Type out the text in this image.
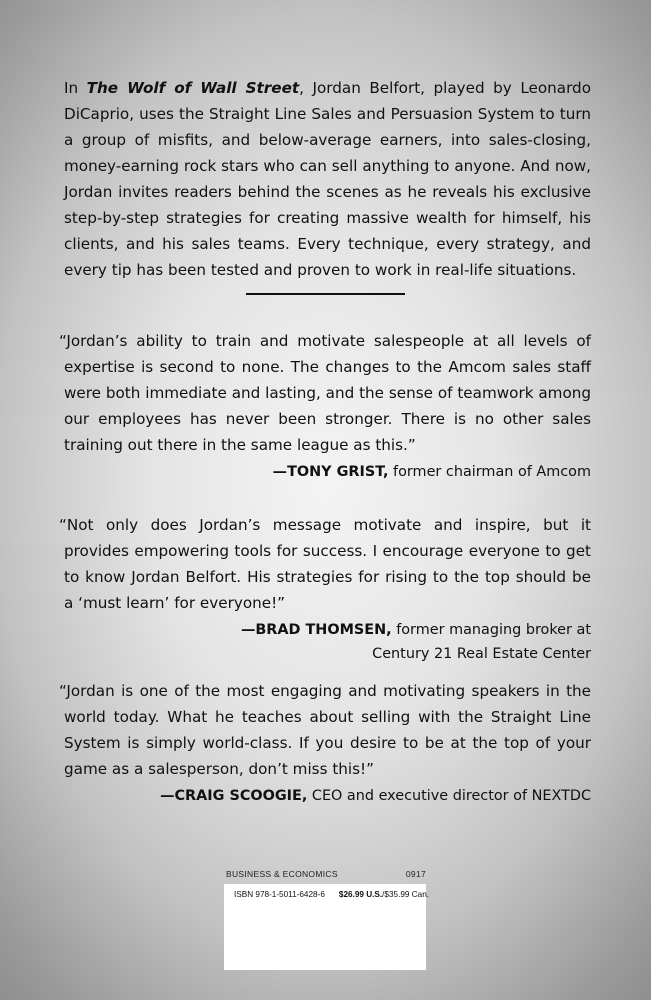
In The Wolf of Wall Street, Jordan Belfort, played by Leonardo DiCaprio, uses the Straight Line Sales and Persuasion System to turn a group of misfits, and below-average earners, into sales-closing, money-earning rock stars who can sell anything to anyone. And now, Jordan invites readers behind the scenes as he reveals his exclusive step-by-step strategies for creating massive wealth for himself, his clients, and his sales teams. Every technique, every strategy, and every tip has been tested and proven to work in real-life situations.

“Jordan’s ability to train and motivate salespeople at all levels of expertise is second to none. The changes to the Amcom sales staff were both immediate and lasting, and the sense of teamwork among our employees has never been stronger. There is no other sales training out there in the same league as this.”

—TONY GRIST, former chairman of Amcom

“Not only does Jordan’s message motivate and inspire, but it provides empowering tools for success. I encourage everyone to get to know Jordan Belfort. His strategies for rising to the top should be a ‘must learn’ for everyone!”

—BRAD THOMSEN, former managing broker at
Century 21 Real Estate Center

“Jordan is one of the most engaging and motivating speakers in the world today. What he teaches about selling with the Straight Line System is simply world-class. If you desire to be at the top of your game as a salesperson, don’t miss this!”

—CRAIG SCOOGIE, CEO and executive director of NEXTDC

BUSINESS & ECONOMICS	0917
ISBN 978-1-5011-6428-6 $26.99 U.S./$35.99 Can.
